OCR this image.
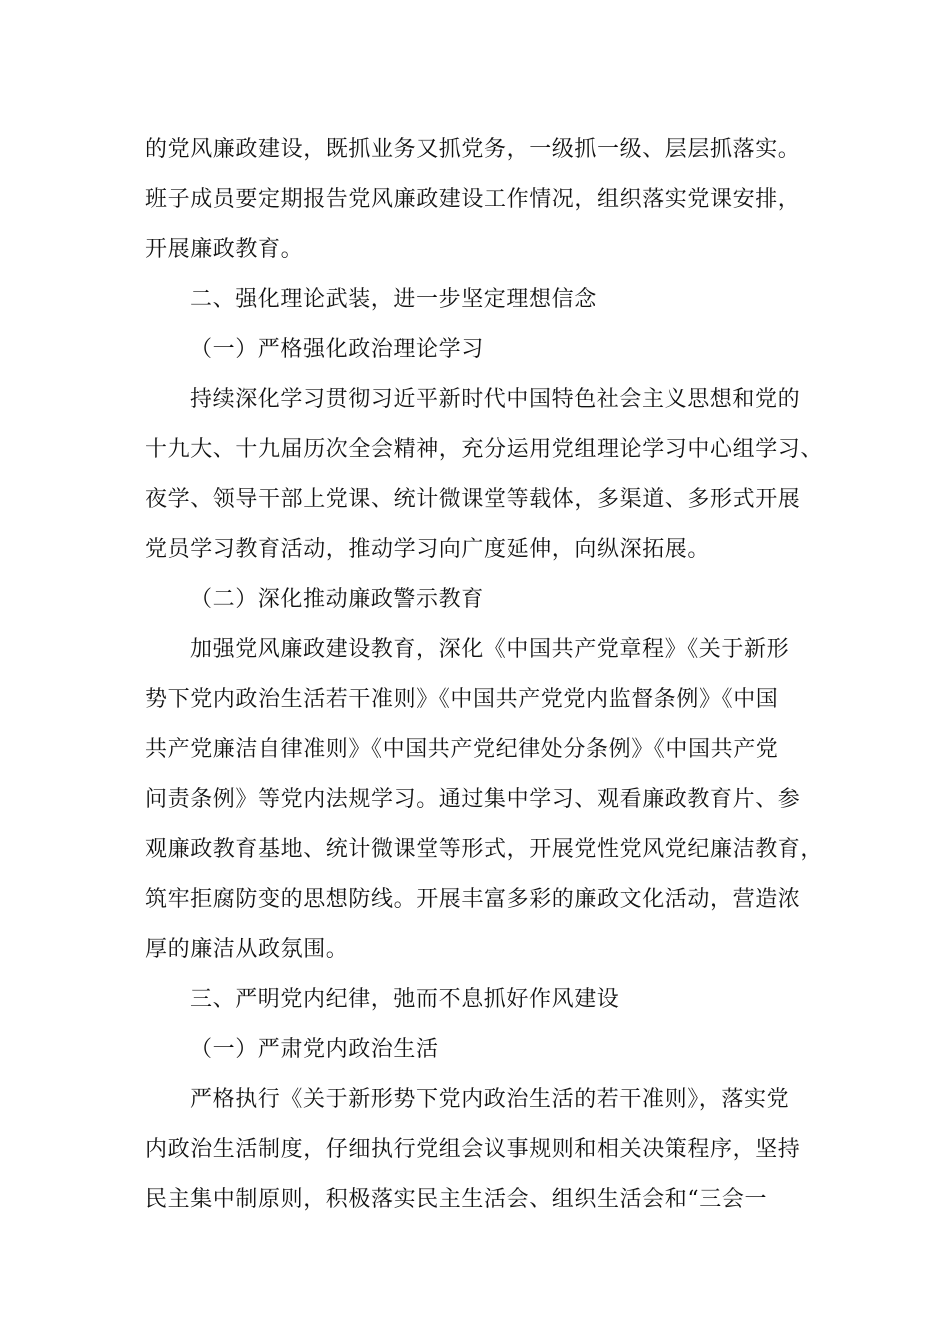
的党风廉政建设，既抓业务又抓党务，一级抓一级、层层抓落实。
班子成员要定期报告党风廉政建设工作情况，组织落实党课安排，
开展廉政教育。
二、强化理论武装，进一步坚定理想信念
（一）严格强化政治理论学习
持续深化学习贯彻习近平新时代中国特色社会主义思想和党的
十九大、十九届历次全会精神，充分运用党组理论学习中心组学习、
夜学、领导干部上党课、统计微课堂等载体，多渠道、多形式开展
党员学习教育活动，推动学习向广度延伸，向纵深拓展。
（二）深化推动廉政警示教育
加强党风廉政建设教育，深化《中国共产党章程》《关于新形
势下党内政治生活若干准则》《中国共产党党内监督条例》《中国
共产党廉洁自律准则》《中国共产党纪律处分条例》《中国共产党
问责条例》等党内法规学习。通过集中学习、观看廉政教育片、参
观廉政教育基地、统计微课堂等形式，开展党性党风党纪廉洁教育，
筑牢拒腐防变的思想防线。开展丰富多彩的廉政文化活动，营造浓
厚的廉洁从政氛围。
三、严明党内纪律，弛而不息抓好作风建设
（一）严肃党内政治生活
严格执行《关于新形势下党内政治生活的若干准则》，落实党
内政治生活制度，仔细执行党组会议事规则和相关决策程序，坚持
民主集中制原则，积极落实民主生活会、组织生活会和“三会一
